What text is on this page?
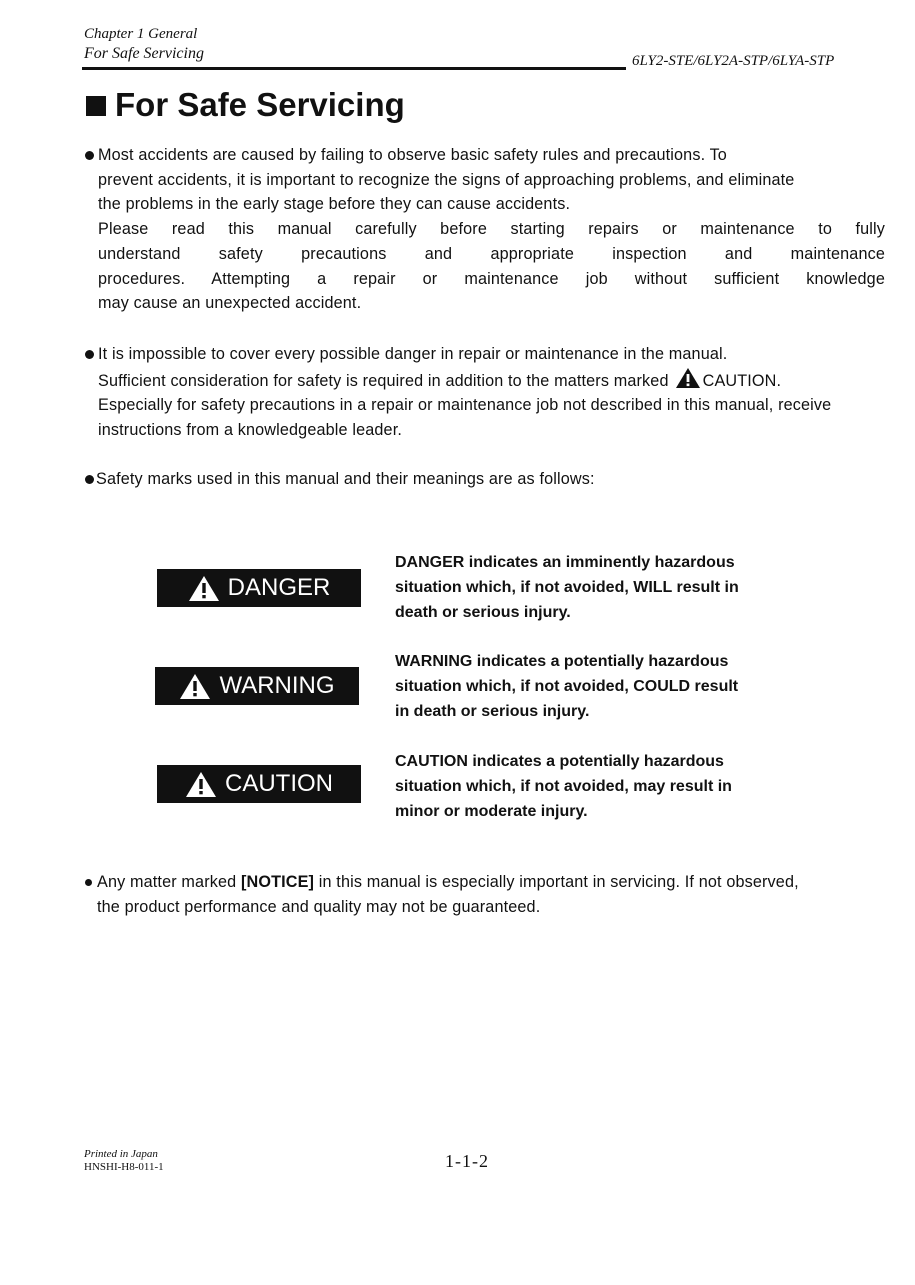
Chapter 1 General
For Safe Servicing	6LY2-STE/6LY2A-STP/6LYA-STP
For Safe Servicing
Most accidents are caused by failing to observe basic safety rules and precautions. To
prevent accidents, it is important to recognize the signs of approaching problems, and eliminate
the problems in the early stage before they can cause accidents.
Please read this manual carefully before starting repairs or maintenance to fully
understand safety precautions and appropriate inspection and maintenance
procedures. Attempting a repair or maintenance job without sufficient knowledge
may cause an unexpected accident.
It is impossible to cover every possible danger in repair or maintenance in the manual.
Sufficient consideration for safety is required in addition to the matters marked CAUTION.
Especially for safety precautions in a repair or maintenance job not described in this manual, receive
instructions from a knowledgeable leader.
Safety marks used in this manual and their meanings are as follows:
DANGER
DANGER indicates an imminently hazardous
situation which, if not avoided, WILL result in
death or serious injury.
WARNING
WARNING indicates a potentially hazardous
situation which, if not avoided, COULD result
in death or serious injury.
CAUTION
CAUTION indicates a potentially hazardous
situation which, if not avoided, may result in
minor or moderate injury.
Any matter marked [NOTICE] in this manual is especially important in servicing. If not observed,
the product performance and quality may not be guaranteed.
Printed in Japan
HNSHI-H8-011-1	1-1-2
